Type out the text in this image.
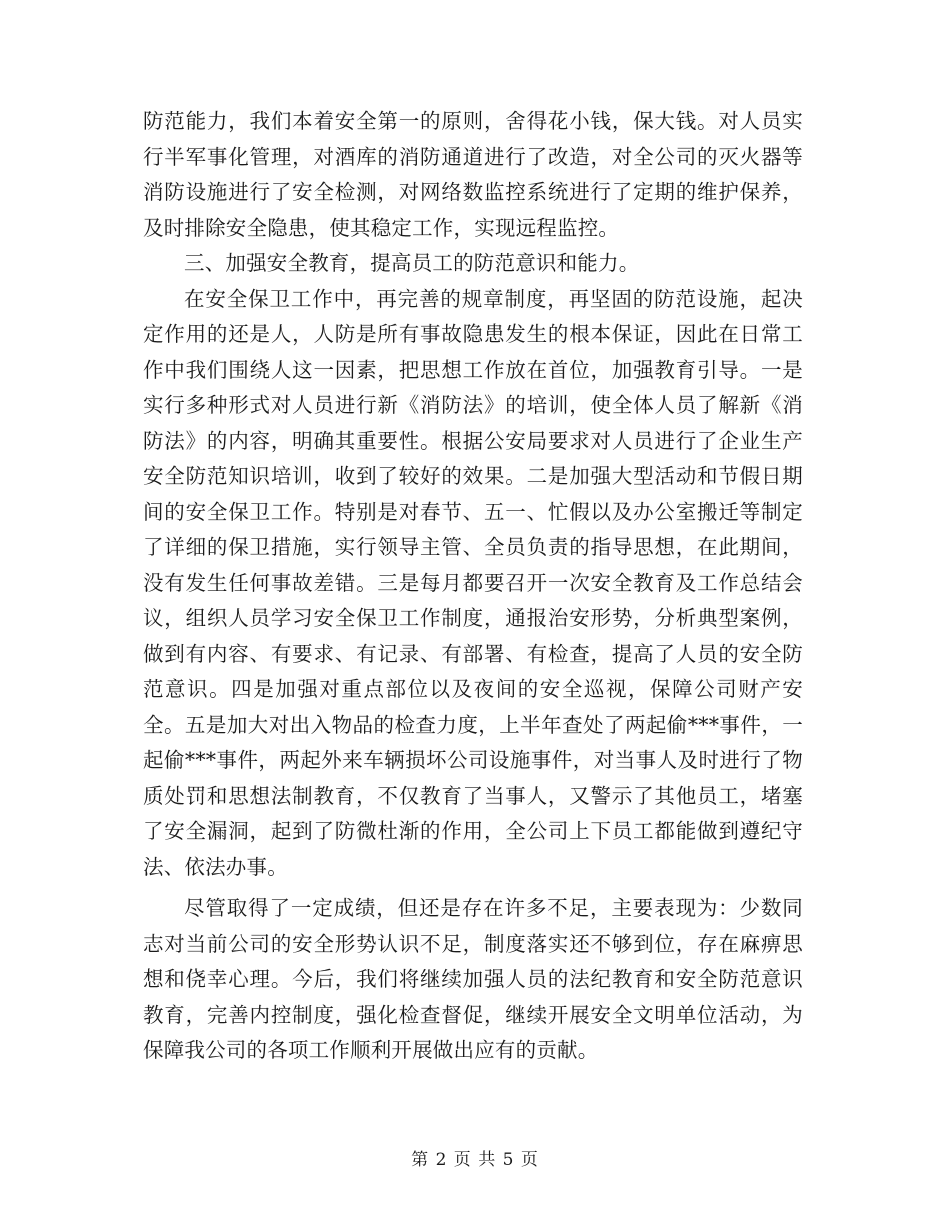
防范能力，我们本着安全第一的原则，舍得花小钱，保大钱。对人员实行半军事化管理，对酒库的消防通道进行了改造，对全公司的灭火器等消防设施进行了安全检测，对网络数监控系统进行了定期的维护保养，及时排除安全隐患，使其稳定工作，实现远程监控。

三、加强安全教育，提高员工的防范意识和能力。

在安全保卫工作中，再完善的规章制度，再坚固的防范设施，起决定作用的还是人，人防是所有事故隐患发生的根本保证，因此在日常工作中我们围绕人这一因素，把思想工作放在首位，加强教育引导。一是实行多种形式对人员进行新《消防法》的培训，使全体人员了解新《消防法》的内容，明确其重要性。根据公安局要求对人员进行了企业生产安全防范知识培训，收到了较好的效果。二是加强大型活动和节假日期间的安全保卫工作。特别是对春节、五一、忙假以及办公室搬迁等制定了详细的保卫措施，实行领导主管、全员负责的指导思想，在此期间，没有发生任何事故差错。三是每月都要召开一次安全教育及工作总结会议，组织人员学习安全保卫工作制度，通报治安形势，分析典型案例，做到有内容、有要求、有记录、有部署、有检查，提高了人员的安全防范意识。四是加强对重点部位以及夜间的安全巡视，保障公司财产安全。五是加大对出入物品的检查力度，上半年查处了两起偷***事件，一起偷***事件，两起外来车辆损坏公司设施事件，对当事人及时进行了物质处罚和思想法制教育，不仅教育了当事人，又警示了其他员工，堵塞了安全漏洞，起到了防微杜渐的作用，全公司上下员工都能做到遵纪守法、依法办事。

尽管取得了一定成绩，但还是存在许多不足，主要表现为：少数同志对当前公司的安全形势认识不足，制度落实还不够到位，存在麻痹思想和侥幸心理。今后，我们将继续加强人员的法纪教育和安全防范意识教育，完善内控制度，强化检查督促，继续开展安全文明单位活动，为保障我公司的各项工作顺利开展做出应有的贡献。

第 2 页 共 5 页
